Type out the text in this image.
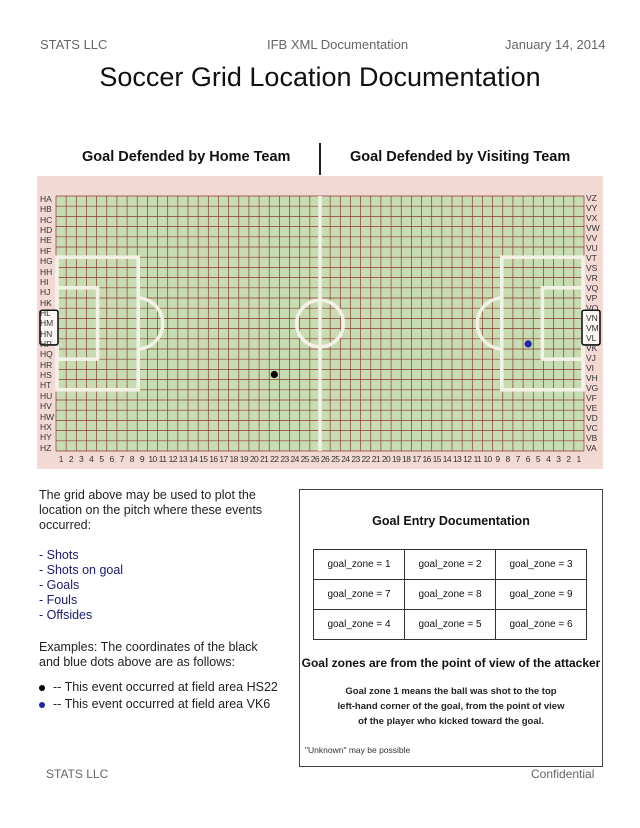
STATS LLC	IFB XML Documentation	January 14, 2014
Soccer Grid Location Documentation
Goal Defended by Home Team	Goal Defended by Visiting Team
HA
HB
HC
HD
HE
HF
HG
HH
HI
HJ
HK
HL
HM
HN
HP
HQ
HR
HS
HT
HU
HV
HW
HX
HY
HZ
VZ
VY
VX
VW
VV
VU
VT
VS
VR
VQ
VP
VO
VN
VM
VL
VK
VJ
VI
VH
VG
VF
VE
VD
VC
VB
VA
1 2 3 4 5 6 7 8 9 10 11 12 13 14 15 16 17 18 19 20 21 22 23 24 25 26 26 25 24 23 22 21 20 19 18 17 16 15 14 13 12 11 10 9 8 7 6 5 4 3 2 1
The grid above may be used to plot the location on the pitch where these events occurred:
- Shots
- Shots on goal
- Goals
- Fouls
- Offsides
Examples: The coordinates of the black and blue dots above are as follows:
-- This event occurred at field area HS22
-- This event occurred at field area VK6
Goal Entry Documentation
goal_zone = 1	goal_zone = 2	goal_zone = 3
goal_zone = 7	goal_zone = 8	goal_zone = 9
goal_zone = 4	goal_zone = 5	goal_zone = 6
Goal zones are from the point of view of the attacker
Goal zone 1 means the ball was shot to the top
left-hand corner of the goal, from the point of view
of the player who kicked toward the goal.
"Unknown" may be possible
STATS LLC	Confidential
